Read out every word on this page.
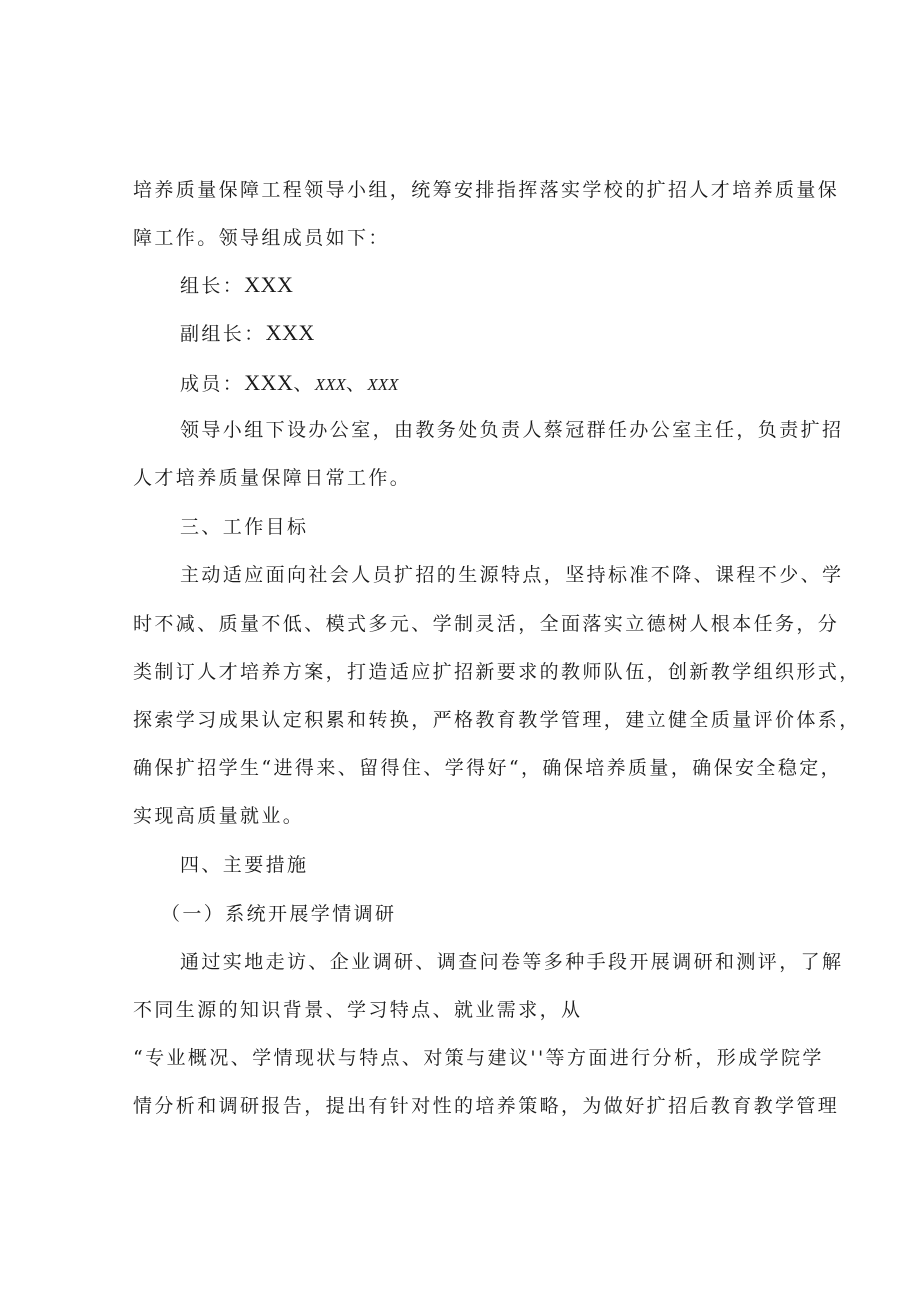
培养质量保障工程领导小组，统筹安排指挥落实学校的扩招人才培养质量保
障工作。领导组成员如下：
组长：XXX
副组长：XXX
成员：XXX、XXX、XXX
领导小组下设办公室，由教务处负责人蔡冠群任办公室主任，负责扩招
人才培养质量保障日常工作。
三、工作目标
主动适应面向社会人员扩招的生源特点，坚持标准不降、课程不少、学
时不减、质量不低、模式多元、学制灵活，全面落实立德树人根本任务，分
类制订人才培养方案，打造适应扩招新要求的教师队伍，创新教学组织形式，
探索学习成果认定积累和转换，严格教育教学管理，建立健全质量评价体系，
确保扩招学生“进得来、留得住、学得好“，确保培养质量，确保安全稳定，
实现高质量就业。
四、主要措施
（一）系统开展学情调研
通过实地走访、企业调研、调查问卷等多种手段开展调研和测评，了解
不同生源的知识背景、学习特点、就业需求，从
“专业概况、学情现状与特点、对策与建议''等方面进行分析，形成学院学
情分析和调研报告，提出有针对性的培养策略，为做好扩招后教育教学管理
